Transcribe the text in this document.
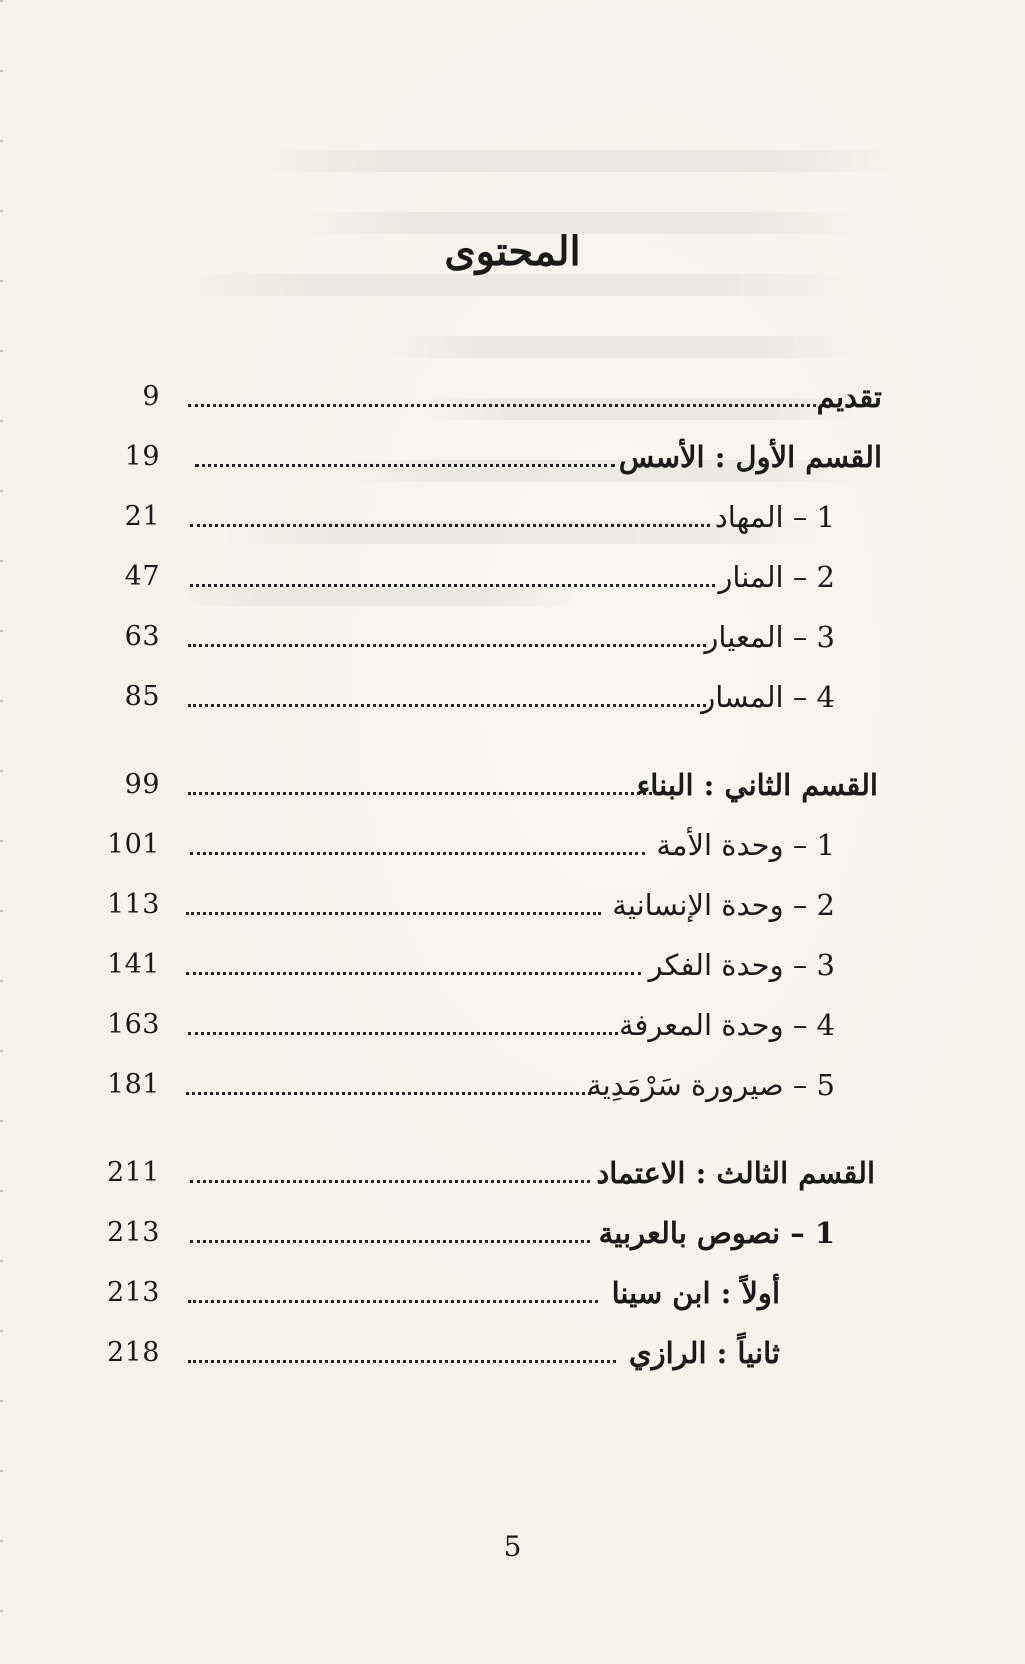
المحتوى
9	تقديم
19	القسم الأول : الأسس
21	1 – المهاد
47	2 – المنار
63	3 – المعيار
85	4 – المسار
99	القسم الثاني : البناء
101	1 – وحدة الأمة
113	2 – وحدة الإنسانية
141	3 – وحدة الفكر
163	4 – وحدة المعرفة
181	5 – صيرورة سَرْمَدِية
211	القسم الثالث : الاعتماد
213	1 – نصوص بالعربية
213	أولاً : ابن سينا
218	ثانياً : الرازي
5
